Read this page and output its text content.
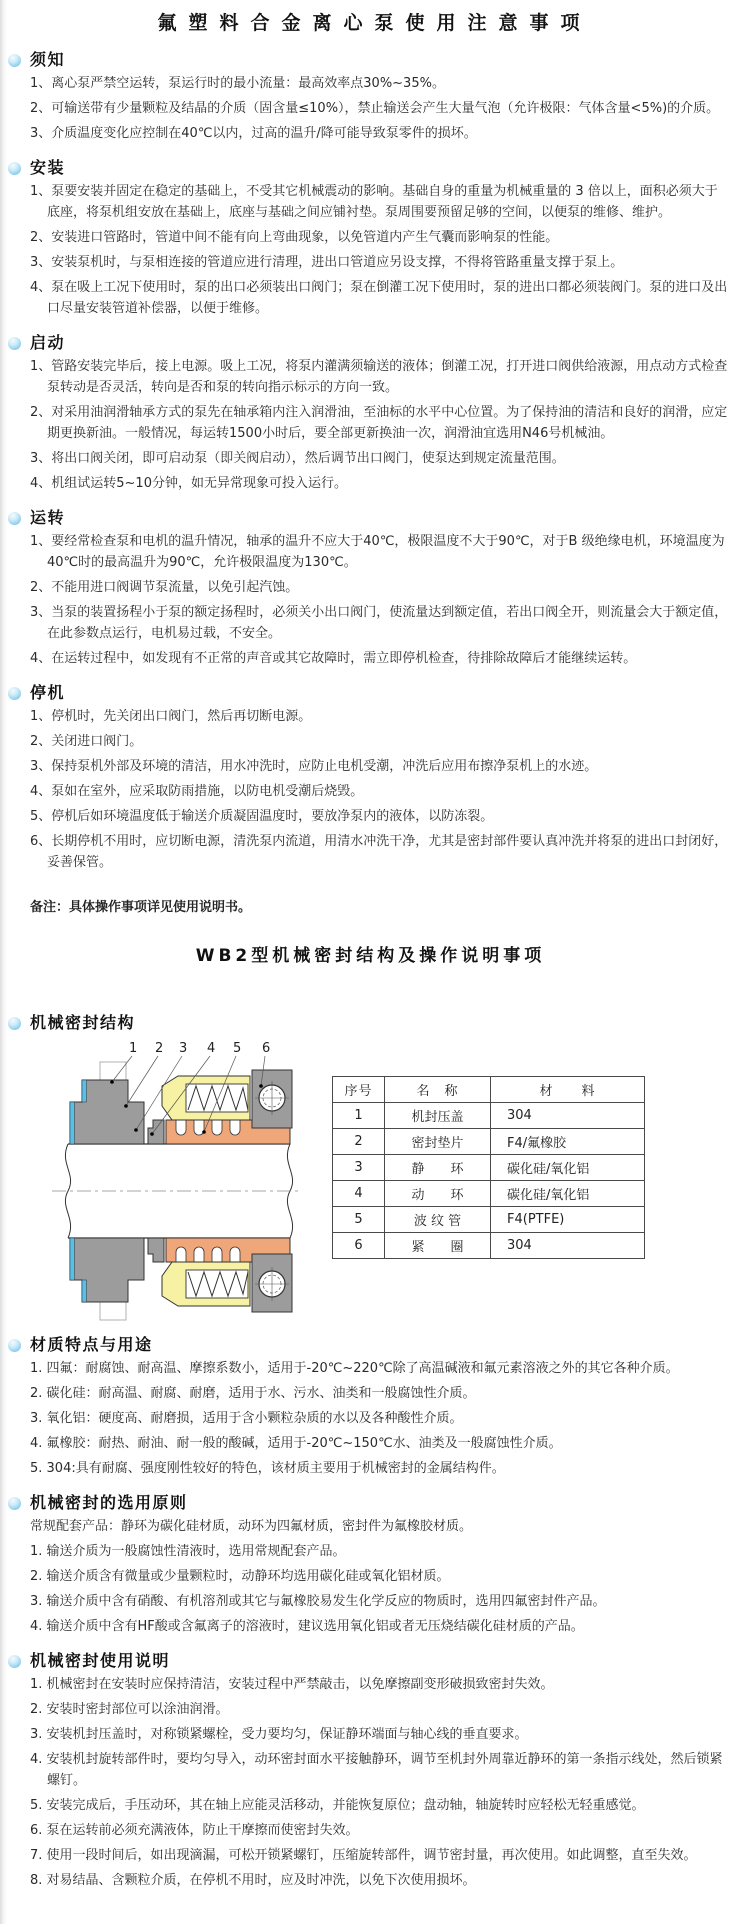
氟塑料合金离心泵使用注意事项
须知
1、离心泵严禁空运转，泵运行时的最小流量：最高效率点30%~35%。
2、可输送带有少量颗粒及结晶的介质（固含量≤10%），禁止输送会产生大量气泡（允许极限：气体含量<5%)的介质。
3、介质温度变化应控制在40℃以内，过高的温升/降可能导致泵零件的损坏。
安装
1、泵要安装并固定在稳定的基础上，不受其它机械震动的影响。基础自身的重量为机械重量的 3 倍以上，面积必须大于底座，将泵机组安放在基础上，底座与基础之间应铺衬垫。泵周围要预留足够的空间，以便泵的维修、维护。
2、安装进口管路时，管道中间不能有向上弯曲现象，以免管道内产生气囊而影响泵的性能。
3、安装泵机时，与泵相连接的管道应进行清理，进出口管道应另设支撑，不得将管路重量支撑于泵上。
4、泵在吸上工况下使用时，泵的出口必须装出口阀门；泵在倒灌工况下使用时，泵的进出口都必须装阀门。泵的进口及出口尽量安装管道补偿器，以便于维修。
启动
1、管路安装完毕后，接上电源。吸上工况，将泵内灌满须输送的液体；倒灌工况，打开进口阀供给液源，用点动方式检查泵转动是否灵活，转向是否和泵的转向指示标示的方向一致。
2、对采用油润滑轴承方式的泵先在轴承箱内注入润滑油，至油标的水平中心位置。为了保持油的清洁和良好的润滑，应定期更换新油。一般情况，每运转1500小时后，要全部更新换油一次，润滑油宜选用N46号机械油。
3、将出口阀关闭，即可启动泵（即关阀启动），然后调节出口阀门，使泵达到规定流量范围。
4、机组试运转5~10分钟，如无异常现象可投入运行。
运转
1、要经常检查泵和电机的温升情况，轴承的温升不应大于40℃，极限温度不大于90℃，对于B 级绝缘电机，环境温度为40℃时的最高温升为90℃，允许极限温度为130℃。
2、不能用进口阀调节泵流量，以免引起汽蚀。
3、当泵的装置扬程小于泵的额定扬程时，必须关小出口阀门，使流量达到额定值，若出口阀全开，则流量会大于额定值，在此参数点运行，电机易过载，不安全。
4、在运转过程中，如发现有不正常的声音或其它故障时，需立即停机检查，待排除故障后才能继续运转。
停机
1、停机时，先关闭出口阀门，然后再切断电源。
2、关闭进口阀门。
3、保持泵机外部及环境的清洁，用水冲洗时，应防止电机受潮，冲洗后应用布擦净泵机上的水迹。
4、泵如在室外，应采取防雨措施，以防电机受潮后烧毁。
5、停机后如环境温度低于输送介质凝固温度时，要放净泵内的液体，以防冻裂。
6、长期停机不用时，应切断电源，清洗泵内流道，用清水冲洗干净，尤其是密封部件要认真冲洗并将泵的进出口封闭好，妥善保管。
备注：具体操作事项详见使用说明书。
WB2型机械密封结构及操作说明事项
机械密封结构
1 2 3 4 5 6
序号	名　称	材　　料
1	机封压盖	304
2	密封垫片	F4/氟橡胶
3	静　　环	碳化硅/氧化铝
4	动　　环	碳化硅/氧化铝
5	波 纹 管	F4(PTFE)
6	紧　　圈	304
材质特点与用途
1. 四氟：耐腐蚀、耐高温、摩擦系数小，适用于-20℃~220℃除了高温碱液和氟元素溶液之外的其它各种介质。
2. 碳化硅：耐高温、耐腐、耐磨，适用于水、污水、油类和一般腐蚀性介质。
3. 氧化铝：硬度高、耐磨损，适用于含小颗粒杂质的水以及各种酸性介质。
4. 氟橡胶：耐热、耐油、耐一般的酸碱，适用于-20℃~150℃水、油类及一般腐蚀性介质。
5. 304:具有耐腐、强度刚性较好的特色，该材质主要用于机械密封的金属结构件。
机械密封的选用原则
常规配套产品：静环为碳化硅材质，动环为四氟材质，密封件为氟橡胶材质。
1. 输送介质为一般腐蚀性清液时，选用常规配套产品。
2. 输送介质含有微量或少量颗粒时，动静环均选用碳化硅或氧化铝材质。
3. 输送介质中含有硝酸、有机溶剂或其它与氟橡胶易发生化学反应的物质时，选用四氟密封件产品。
4. 输送介质中含有HF酸或含氟离子的溶液时，建议选用氧化铝或者无压烧结碳化硅材质的产品。
机械密封使用说明
1. 机械密封在安装时应保持清洁，安装过程中严禁敲击，以免摩擦副变形破损致密封失效。
2. 安装时密封部位可以涂油润滑。
3. 安装机封压盖时，对称锁紧螺栓，受力要均匀，保证静环端面与轴心线的垂直要求。
4. 安装机封旋转部件时，要均匀导入，动环密封面水平接触静环，调节至机封外周靠近静环的第一条指示线处，然后锁紧螺钉。
5. 安装完成后，手压动环，其在轴上应能灵活移动，并能恢复原位；盘动轴，轴旋转时应轻松无轻重感觉。
6. 泵在运转前必须充满液体，防止干摩擦而使密封失效。
7. 使用一段时间后，如出现滴漏，可松开锁紧螺钉，压缩旋转部件，调节密封量，再次使用。如此调整，直至失效。
8. 对易结晶、含颗粒介质，在停机不用时，应及时冲洗，以免下次使用损坏。
